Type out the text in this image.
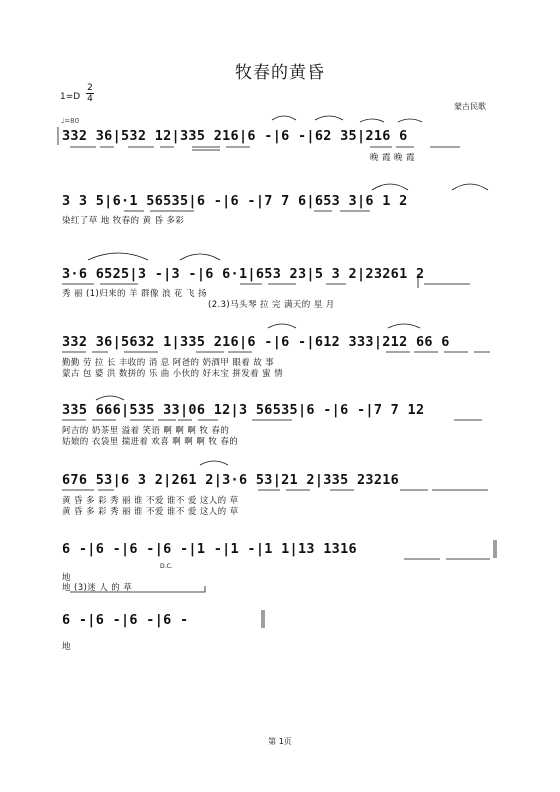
牧春的黄昏
1=D
2
4
♩=80
蒙古民歌
332 36|532 12|335 216|6 -|6 -|62 35|216 6
晚 霞 晚 霞
3 3 5|6·1 56535|6 -|6 -|7 7 6|653 3|6 1 2
染红了草 地 牧春的 黄 昏 多彩
3·6 6525|3 -|3 -|6 6·1|653 23|5 3 2|23261 2
秀 丽 (1)归来的 羊 群像 浪 花 飞 扬
(2.3)马头琴 拉 完 满天的 星 月
332 36|5632 1|335 216|6 -|6 -|612 333|212 66 6
勤勤 劳 拉 长 丰收的 消 息 阿爸的 奶酒甲 眼着 故 事
蒙古 包 婆 洪 数拼的 乐 曲 小伙的 好末宝 拼发着 蜜 情
335 666|535 33|06 12|3 56535|6 -|6 -|7 7 12
阿吉的 奶茶里 溢着 笑语 啊 啊 啊 牧 春的
姑娘的 衣袋里 揣进着 欢喜 啊 啊 啊 牧 春的
676 53|6 3 2|261 2|3·6 53|21 2|335 23216
黄 昏 多 彩 秀 丽 谁 不爱 谁不 爱 这人的 草
黄 昏 多 彩 秀 丽 谁 不爱 谁不 爱 这人的 草
6 -|6 -|6 -|6 -|1 -|1 -|1 1|13 1316
D.C.
地
地 (3)迷 人 的 草
6 -|6 -|6 -|6 -
地
第 1页
